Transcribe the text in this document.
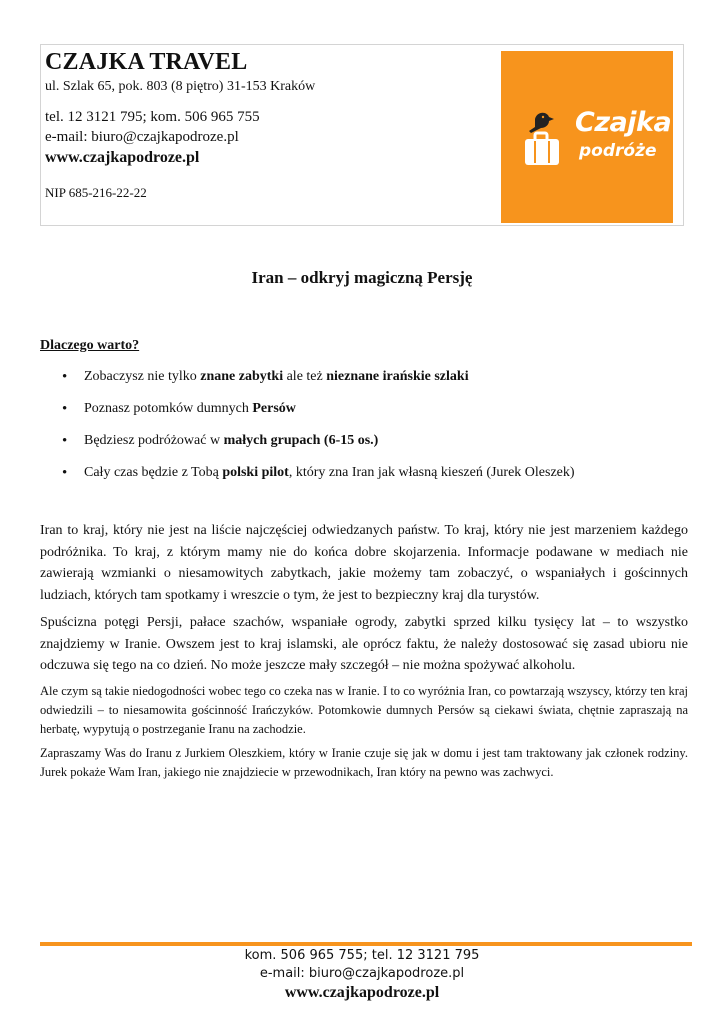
CZAJKA TRAVEL
ul. Szlak 65, pok. 803 (8 piętro) 31-153 Kraków
tel. 12 3121 795; kom. 506 965 755
e-mail: biuro@czajkapodroze.pl
www.czajkapodroze.pl
NIP 685-216-22-22
Czajka
podróże
Iran – odkryj magiczną Persję
Dlaczego warto?
• Zobaczysz nie tylko znane zabytki ale też nieznane irańskie szlaki
• Poznasz potomków dumnych Persów
• Będziesz podróżować w małych grupach (6-15 os.)
• Cały czas będzie z Tobą polski pilot, który zna Iran jak własną kieszeń (Jurek Oleszek)

Iran to kraj, który nie jest na liście najczęściej odwiedzanych państw. To kraj, który nie jest marzeniem każdego podróżnika. To kraj, z którym mamy nie do końca dobre skojarzenia. Informacje podawane w mediach nie zawierają wzmianki o niesamowitych zabytkach, jakie możemy tam zobaczyć, o wspaniałych i gościnnych ludziach, których tam spotkamy i wreszcie o tym, że jest to bezpieczny kraj dla turystów.

Spuścizna potęgi Persji, pałace szachów, wspaniałe ogrody, zabytki sprzed kilku tysięcy lat – to wszystko znajdziemy w Iranie. Owszem jest to kraj islamski, ale oprócz faktu, że należy dostosować się zasad ubioru nie odczuwa się tego na co dzień. No może jeszcze mały szczegół – nie można spożywać alkoholu.

Ale czym są takie niedogodności wobec tego co czeka nas w Iranie. I to co wyróżnia Iran, co powtarzają wszyscy, którzy ten kraj odwiedzili – to niesamowita gościnność Irańczyków. Potomkowie dumnych Persów są ciekawi świata, chętnie zapraszają na herbatę, wypytują o postrzeganie Iranu na zachodzie.

Zapraszamy Was do Iranu z Jurkiem Oleszkiem, który w Iranie czuje się jak w domu i jest tam traktowany jak członek rodziny. Jurek pokaże Wam Iran, jakiego nie znajdziecie w przewodnikach, Iran który na pewno was zachwyci.

kom. 506 965 755; tel. 12 3121 795
e-mail: biuro@czajkapodroze.pl
www.czajkapodroze.pl
